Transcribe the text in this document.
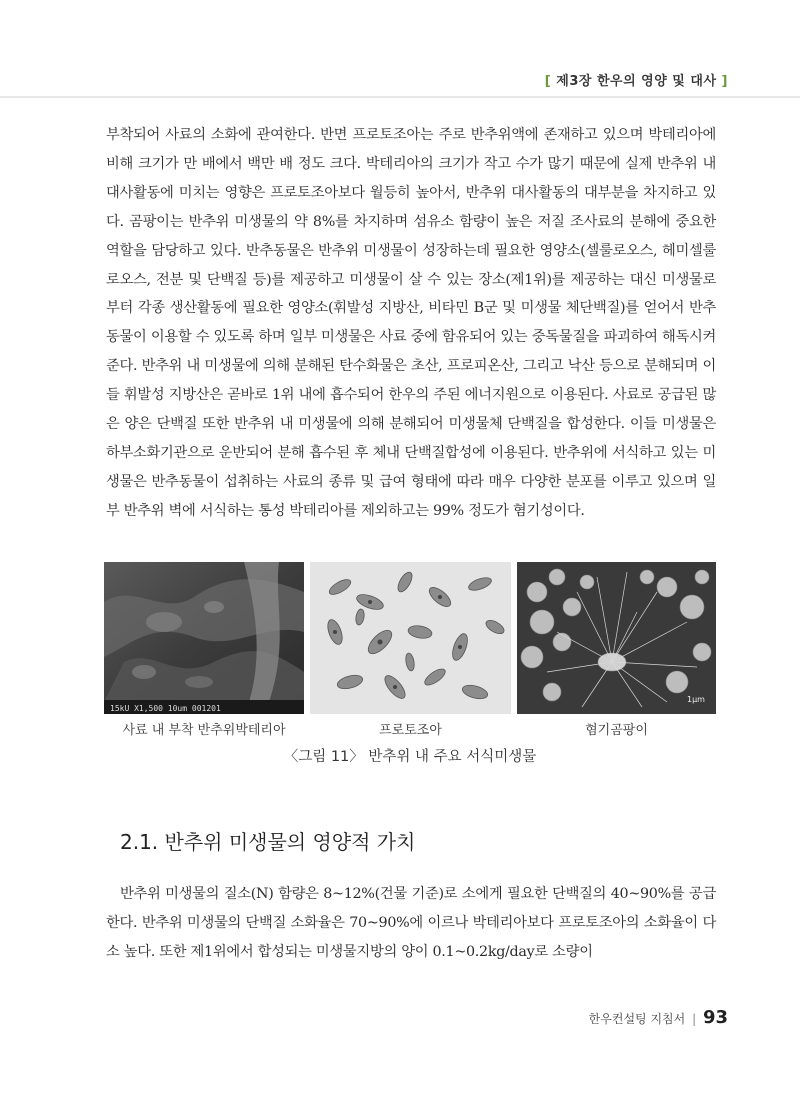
[ 제3장 한우의 영양 및 대사 ]

부착되어 사료의 소화에 관여한다. 반면 프로토조아는 주로 반추위액에 존재하고 있으며 박테리아에 비해 크기가 만 배에서 백만 배 정도 크다. 박테리아의 크기가 작고 수가 많기 때문에 실제 반추위 내 대사활동에 미치는 영향은 프로토조아보다 월등히 높아서, 반추위 대사활동의 대부분을 차지하고 있다. 곰팡이는 반추위 미생물의 약 8%를 차지하며 섬유소 함량이 높은 저질 조사료의 분해에 중요한 역할을 담당하고 있다. 반추동물은 반추위 미생물이 성장하는데 필요한 영양소(셀룰로오스, 헤미셀룰로오스, 전분 및 단백질 등)를 제공하고 미생물이 살 수 있는 장소(제1위)를 제공하는 대신 미생물로부터 각종 생산활동에 필요한 영양소(휘발성 지방산, 비타민 B군 및 미생물 체단백질)를 얻어서 반추동물이 이용할 수 있도록 하며 일부 미생물은 사료 중에 함유되어 있는 중독물질을 파괴하여 해독시켜 준다. 반추위 내 미생물에 의해 분해된 탄수화물은 초산, 프로피온산, 그리고 낙산 등으로 분해되며 이들 휘발성 지방산은 곧바로 1위 내에 흡수되어 한우의 주된 에너지원으로 이용된다. 사료로 공급된 많은 양은 단백질 또한 반추위 내 미생물에 의해 분해되어 미생물체 단백질을 합성한다. 이들 미생물은 하부소화기관으로 운반되어 분해 흡수된 후 체내 단백질합성에 이용된다. 반추위에 서식하고 있는 미생물은 반추동물이 섭취하는 사료의 종류 및 급여 형태에 따라 매우 다양한 분포를 이루고 있으며 일부 반추위 벽에 서식하는 통성 박테리아를 제외하고는 99% 정도가 혐기성이다.

15kU X1,500 10um 001201
1μm
사료 내 부착 반추위박테리아	프로토조아	혐기곰팡이
〈그림 11〉 반추위 내 주요 서식미생물
2.1. 반추위 미생물의 영양적 가치

반추위 미생물의 질소(N) 함량은 8~12%(건물 기준)로 소에게 필요한 단백질의 40~90%를 공급한다. 반추위 미생물의 단백질 소화율은 70~90%에 이르나 박테리아보다 프로토조아의 소화율이 다소 높다. 또한 제1위에서 합성되는 미생물지방의 양이 0.1~0.2kg/day로 소량이

한우컨설팅 지침서 | 93
